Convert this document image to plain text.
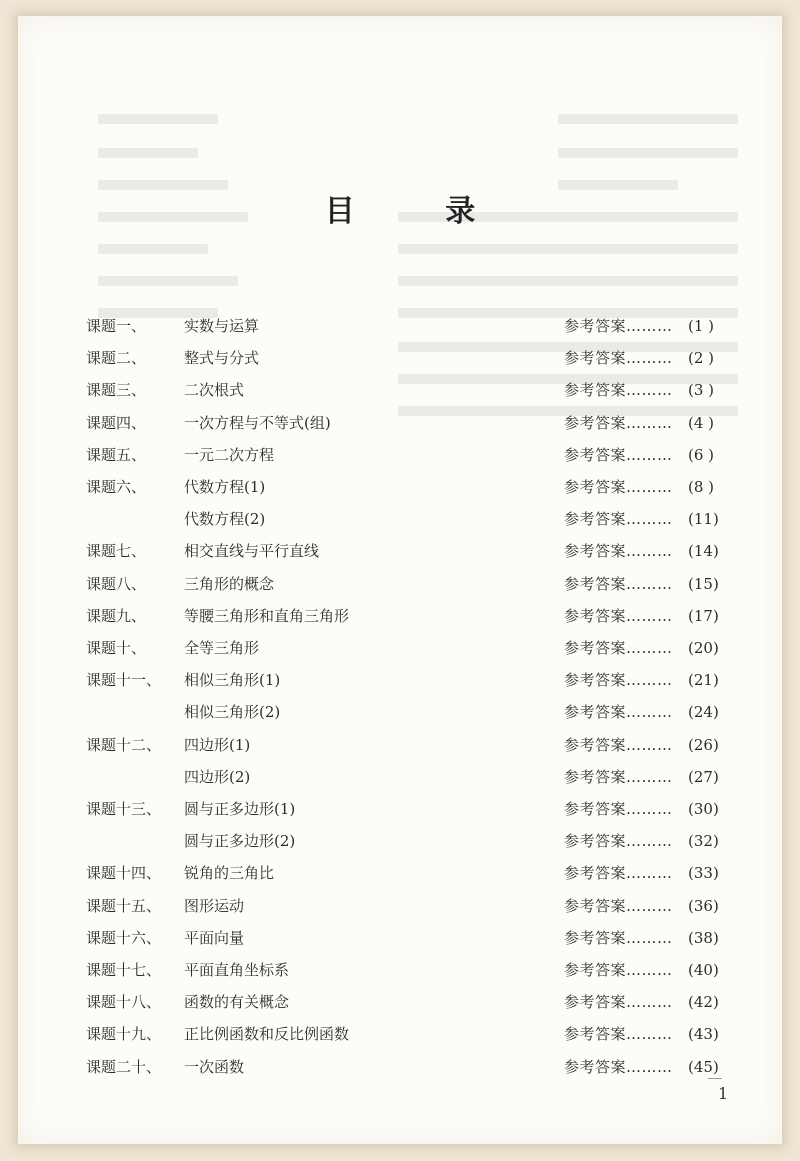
目 录
课题一、	实数与运算	参考答案 ……… (1 )
课题二、	整式与分式	参考答案 ……… (2 )
课题三、	二次根式	参考答案 ……… (3 )
课题四、	一次方程与不等式(组)	参考答案 ……… (4 )
课题五、	一元二次方程	参考答案 ……… (6 )
课题六、	代数方程(1)	参考答案 ……… (8 )
代数方程(2)	参考答案 ……… (11)
课题七、	相交直线与平行直线	参考答案 ……… (14)
课题八、	三角形的概念	参考答案 ……… (15)
课题九、	等腰三角形和直角三角形	参考答案 ……… (17)
课题十、	全等三角形	参考答案 ……… (20)
课题十一、 相似三角形(1)	参考答案 ……… (21)
相似三角形(2)	参考答案 ……… (24)
课题十二、 四边形(1)	参考答案 ……… (26)
四边形(2)	参考答案 ……… (27)
课题十三、 圆与正多边形(1)	参考答案 ……… (30)
圆与正多边形(2)	参考答案 ……… (32)
课题十四、 锐角的三角比	参考答案 ……… (33)
课题十五、 图形运动	参考答案 ……… (36)
课题十六、 平面向量	参考答案 ……… (38)
课题十七、 平面直角坐标系	参考答案 ……… (40)
课题十八、 函数的有关概念	参考答案 ……… (42)
课题十九、 正比例函数和反比例函数	参考答案 ……… (43)
课题二十、 一次函数	参考答案 ……… (45)
1
